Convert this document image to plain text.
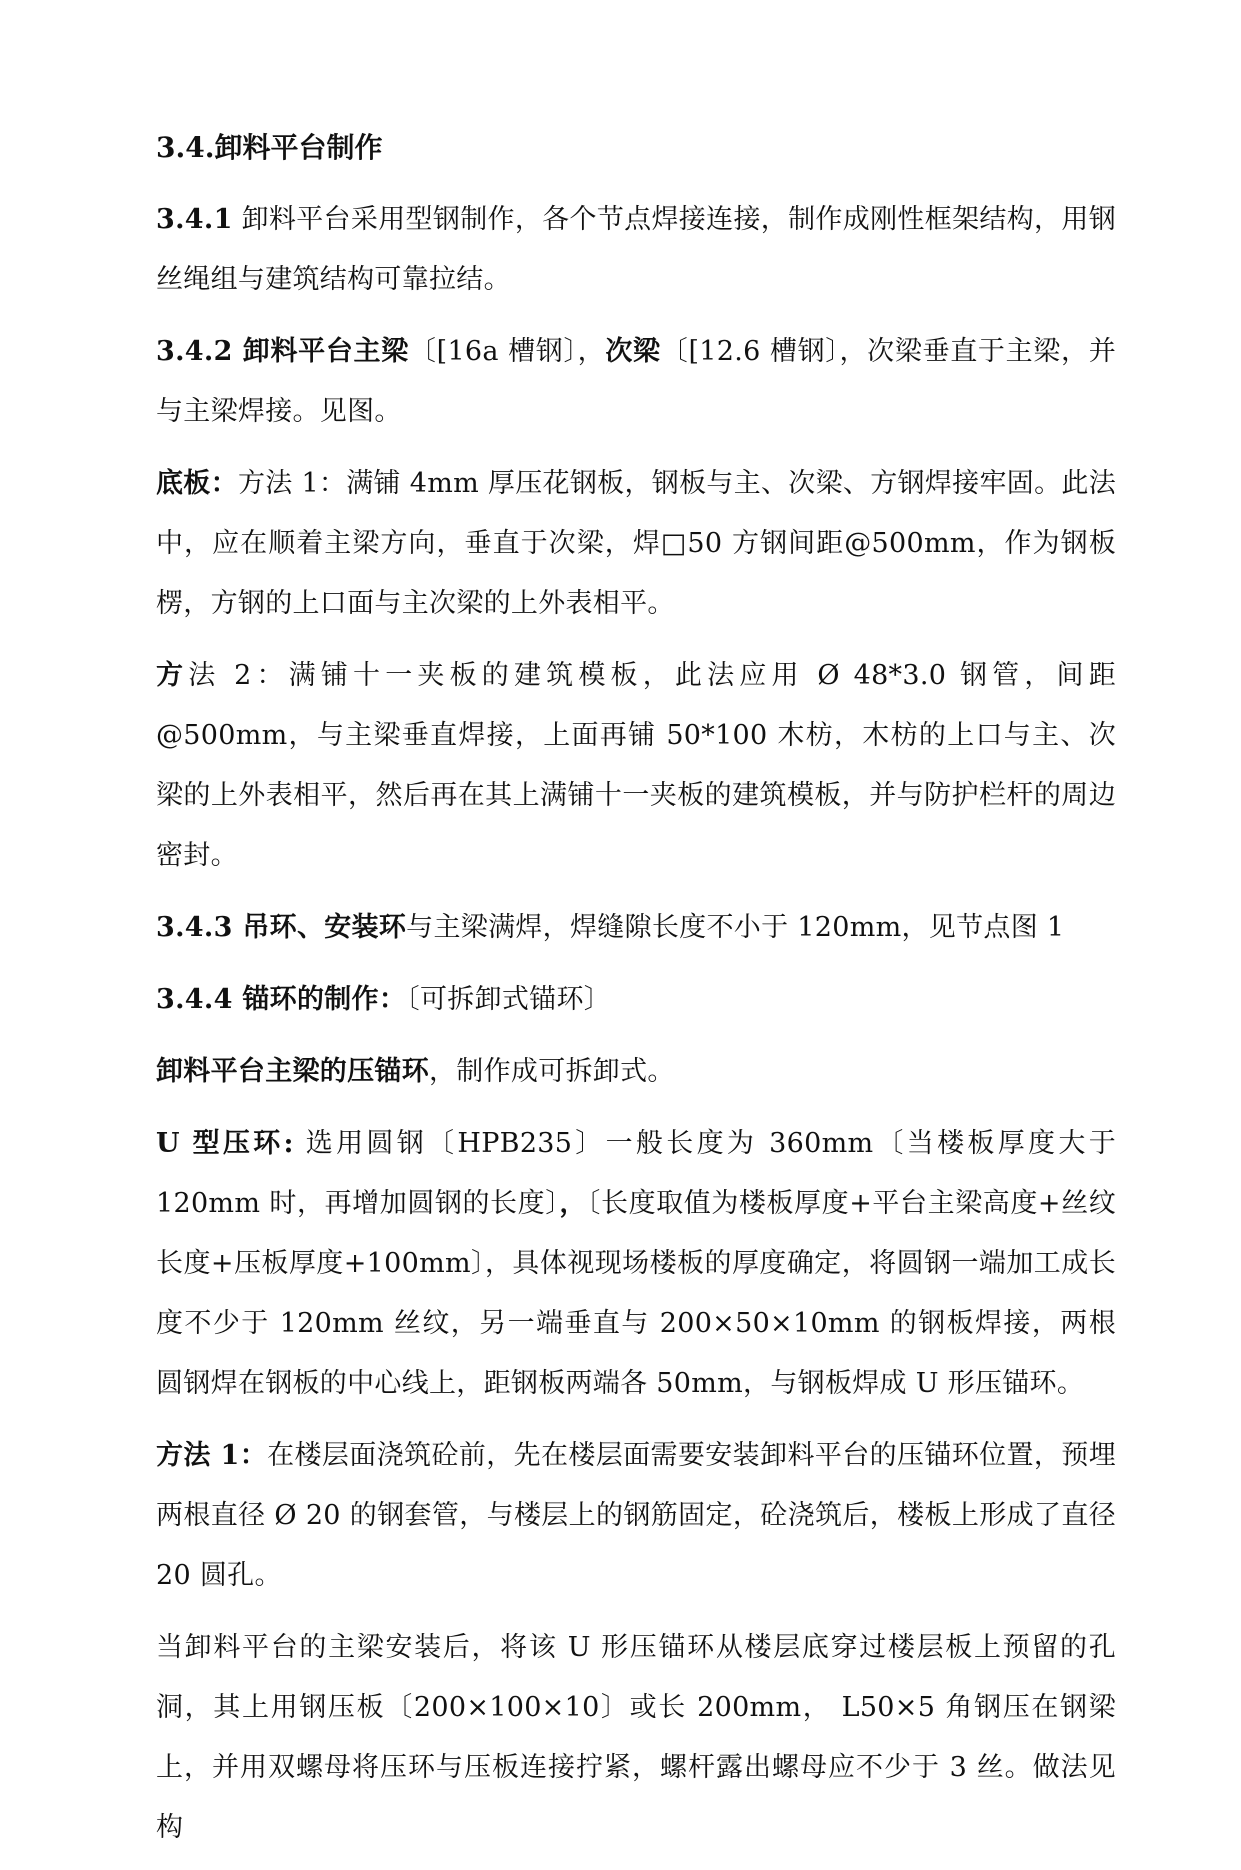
3.4.卸料平台制作

3.4.1 卸料平台采用型钢制作，各个节点焊接连接，制作成刚性框架结构，用钢丝绳组与建筑结构可靠拉结。

3.4.2 卸料平台主梁〔[16a 槽钢〕，次梁〔[12.6 槽钢〕，次梁垂直于主梁，并与主梁焊接。见图。

底板：方法 1：满铺 4mm 厚压花钢板，钢板与主、次梁、方钢焊接牢固。此法中，应在顺着主梁方向，垂直于次梁，焊□50 方钢间距@500mm，作为钢板楞，方钢的上口面与主次梁的上外表相平。

方法 2：满铺十一夹板的建筑模板，此法应用 Ø 48*3.0 钢管，间距@500mm，与主梁垂直焊接，上面再铺 50*100 木枋，木枋的上口与主、次梁的上外表相平，然后再在其上满铺十一夹板的建筑模板，并与防护栏杆的周边密封。

3.4.3 吊环、安装环与主梁满焊，焊缝隙长度不小于 120mm，见节点图 1

3.4.4 锚环的制作：〔可拆卸式锚环〕

卸料平台主梁的压锚环，制作成可拆卸式。

U 型压环: 选用圆钢〔HPB235〕一般长度为 360mm〔当楼板厚度大于 120mm 时，再增加圆钢的长度〕，〔长度取值为楼板厚度+平台主梁高度+丝纹长度+压板厚度+100mm〕，具体视现场楼板的厚度确定，将圆钢一端加工成长度不少于 120mm 丝纹，另一端垂直与 200×50×10mm 的钢板焊接，两根圆钢焊在钢板的中心线上，距钢板两端各 50mm，与钢板焊成 U 形压锚环。

方法 1：在楼层面浇筑砼前，先在楼层面需要安装卸料平台的压锚环位置，预埋两根直径 Ø 20 的钢套管，与楼层上的钢筋固定，砼浇筑后，楼板上形成了直径 20 圆孔。

当卸料平台的主梁安装后，将该 U 形压锚环从楼层底穿过楼层板上预留的孔洞，其上用钢压板〔200×100×10〕或长 200mm， L50×5 角钢压在钢梁上，并用双螺母将压环与压板连接拧紧，螺杆露出螺母应不少于 3 丝。做法见构
